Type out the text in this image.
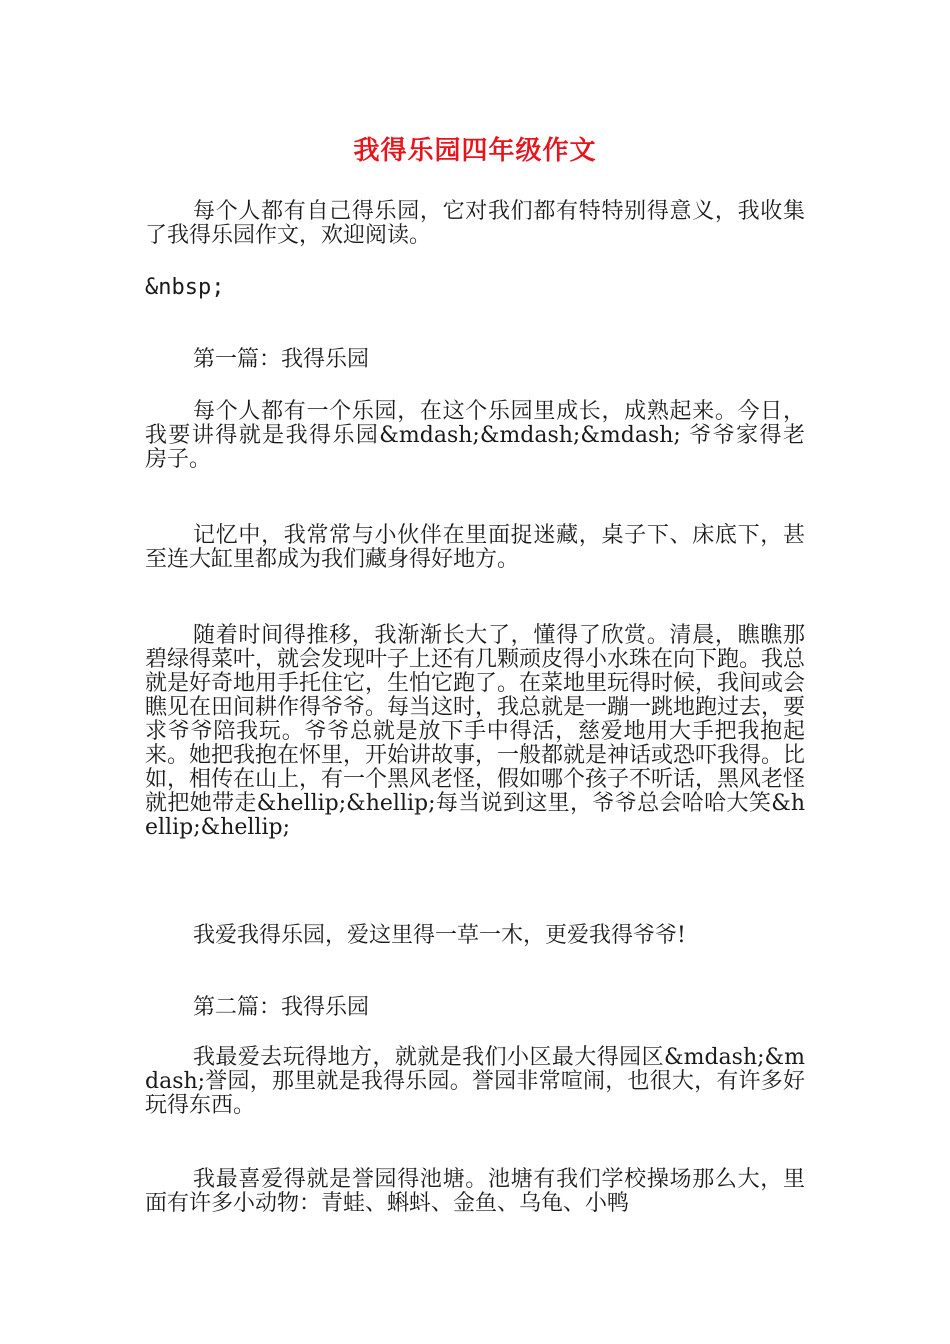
我得乐园四年级作文
每个人都有自己得乐园，它对我们都有特特别得意义，我收集了我得乐园作文，欢迎阅读。
&nbsp;
第一篇：我得乐园
每个人都有一个乐园，在这个乐园里成长，成熟起来。今日，我要讲得就是我得乐园&mdash;&mdash;&mdash; 爷爷家得老房子。
记忆中，我常常与小伙伴在里面捉迷藏，桌子下、床底下，甚至连大缸里都成为我们藏身得好地方。
随着时间得推移，我渐渐长大了，懂得了欣赏。清晨，瞧瞧那碧绿得菜叶，就会发现叶子上还有几颗顽皮得小水珠在向下跑。我总就是好奇地用手托住它，生怕它跑了。在菜地里玩得时候，我间或会瞧见在田间耕作得爷爷。每当这时，我总就是一蹦一跳地跑过去，要求爷爷陪我玩。爷爷总就是放下手中得活，慈爱地用大手把我抱起来。她把我抱在怀里，开始讲故事，一般都就是神话或恐吓我得。比如，相传在山上，有一个黑风老怪，假如哪个孩子不听话，黑风老怪就把她带走&hellip;&hellip;每当说到这里，爷爷总会哈哈大笑&hellip;&hellip;
我爱我得乐园，爱这里得一草一木，更爱我得爷爷!
第二篇：我得乐园
我最爱去玩得地方，就就是我们小区最大得园区&mdash;&mdash;誉园，那里就是我得乐园。誉园非常喧闹，也很大，有许多好玩得东西。
我最喜爱得就是誉园得池塘。池塘有我们学校操场那么大，里面有许多小动物：青蛙、蝌蚪、金鱼、乌龟、小鸭
